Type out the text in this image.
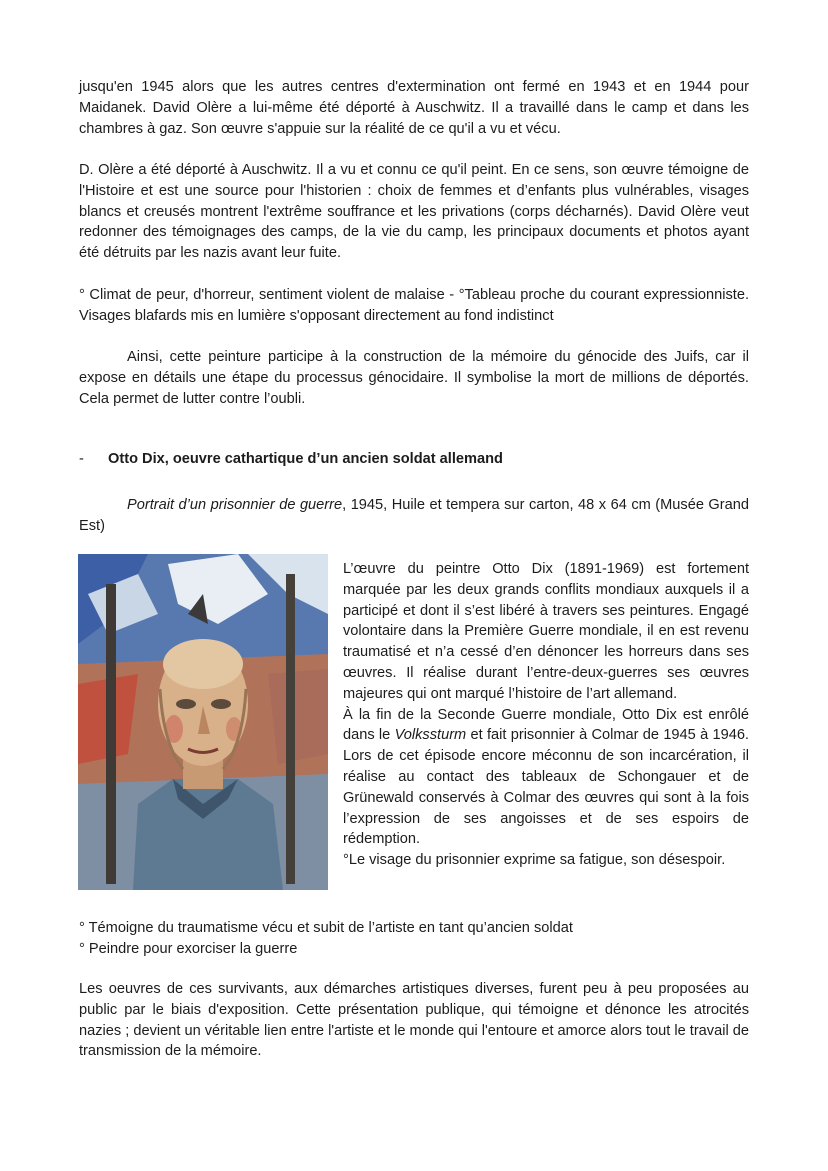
jusqu'en 1945 alors que les autres centres d'extermination ont fermé en 1943 et en 1944 pour Maidanek. David Olère a lui-même été déporté à Auschwitz. Il a travaillé dans le camp et dans les chambres à gaz. Son œuvre s'appuie sur la réalité de ce qu'il a vu et vécu.

D. Olère a été déporté à Auschwitz. Il a vu et connu ce qu'il peint. En ce sens, son œuvre témoigne de l'Histoire et est une source pour l'historien : choix de femmes et d’enfants plus vulnérables, visages blancs et creusés montrent l'extrême souffrance et les privations (corps décharnés). David Olère veut redonner des témoignages des camps, de la vie du camp, les principaux documents et photos ayant été détruits par les nazis avant leur fuite.

° Climat de peur, d'horreur, sentiment violent de malaise - °Tableau proche du courant expressionniste. Visages blafards mis en lumière s'opposant directement au fond indistinct

Ainsi, cette peinture participe à la construction de la mémoire du génocide des Juifs, car il expose en détails une étape du processus génocidaire. Il symbolise la mort de millions de déportés. Cela permet de lutter contre l’oubli.

- Otto Dix, oeuvre cathartique d’un ancien soldat allemand
Portrait d’un prisonnier de guerre, 1945, Huile et tempera sur carton, 48 x 64 cm (Musée Grand Est)

L’œuvre du peintre Otto Dix (1891-1969) est fortement marquée par les deux grands conflits mondiaux auxquels il a participé et dont il s’est libéré à travers ses peintures. Engagé volontaire dans la Première Guerre mondiale, il en est revenu traumatisé et n’a cessé d’en dénoncer les horreurs dans ses œuvres. Il réalise durant l’entre-deux-guerres ses œuvres majeures qui ont marqué l’histoire de l’art allemand.

À la fin de la Seconde Guerre mondiale, Otto Dix est enrôlé dans le Volkssturm et fait prisonnier à Colmar de 1945 à 1946. Lors de cet épisode encore méconnu de son incarcération, il réalise au contact des tableaux de Schongauer et de Grünewald conservés à Colmar des œuvres qui sont à la fois l’expression de ses angoisses et de ses espoirs de rédemption.

°Le visage du prisonnier exprime sa fatigue, son désespoir.

° Témoigne du traumatisme vécu et subit de l’artiste en tant qu’ancien soldat

° Peindre pour exorciser la guerre

Les oeuvres de ces survivants, aux démarches artistiques diverses, furent peu à peu proposées au public par le biais d'exposition. Cette présentation publique, qui témoigne et dénonce les atrocités nazies ; devient un véritable lien entre l'artiste et le monde qui l'entoure et amorce alors tout le travail de transmission de la mémoire.
